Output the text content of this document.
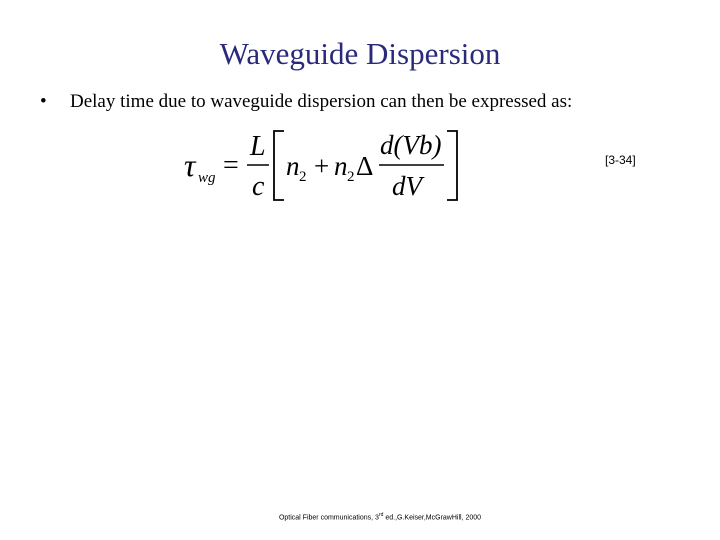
Waveguide Dispersion
• Delay time due to waveguide dispersion can then be expressed as:
τ wg =
L
c
n 2 + n 2 Δ
d(Vb)
dV
[3-34]
Optical Fiber communications, 3rd ed.,G.Keiser,McGrawHill, 2000
